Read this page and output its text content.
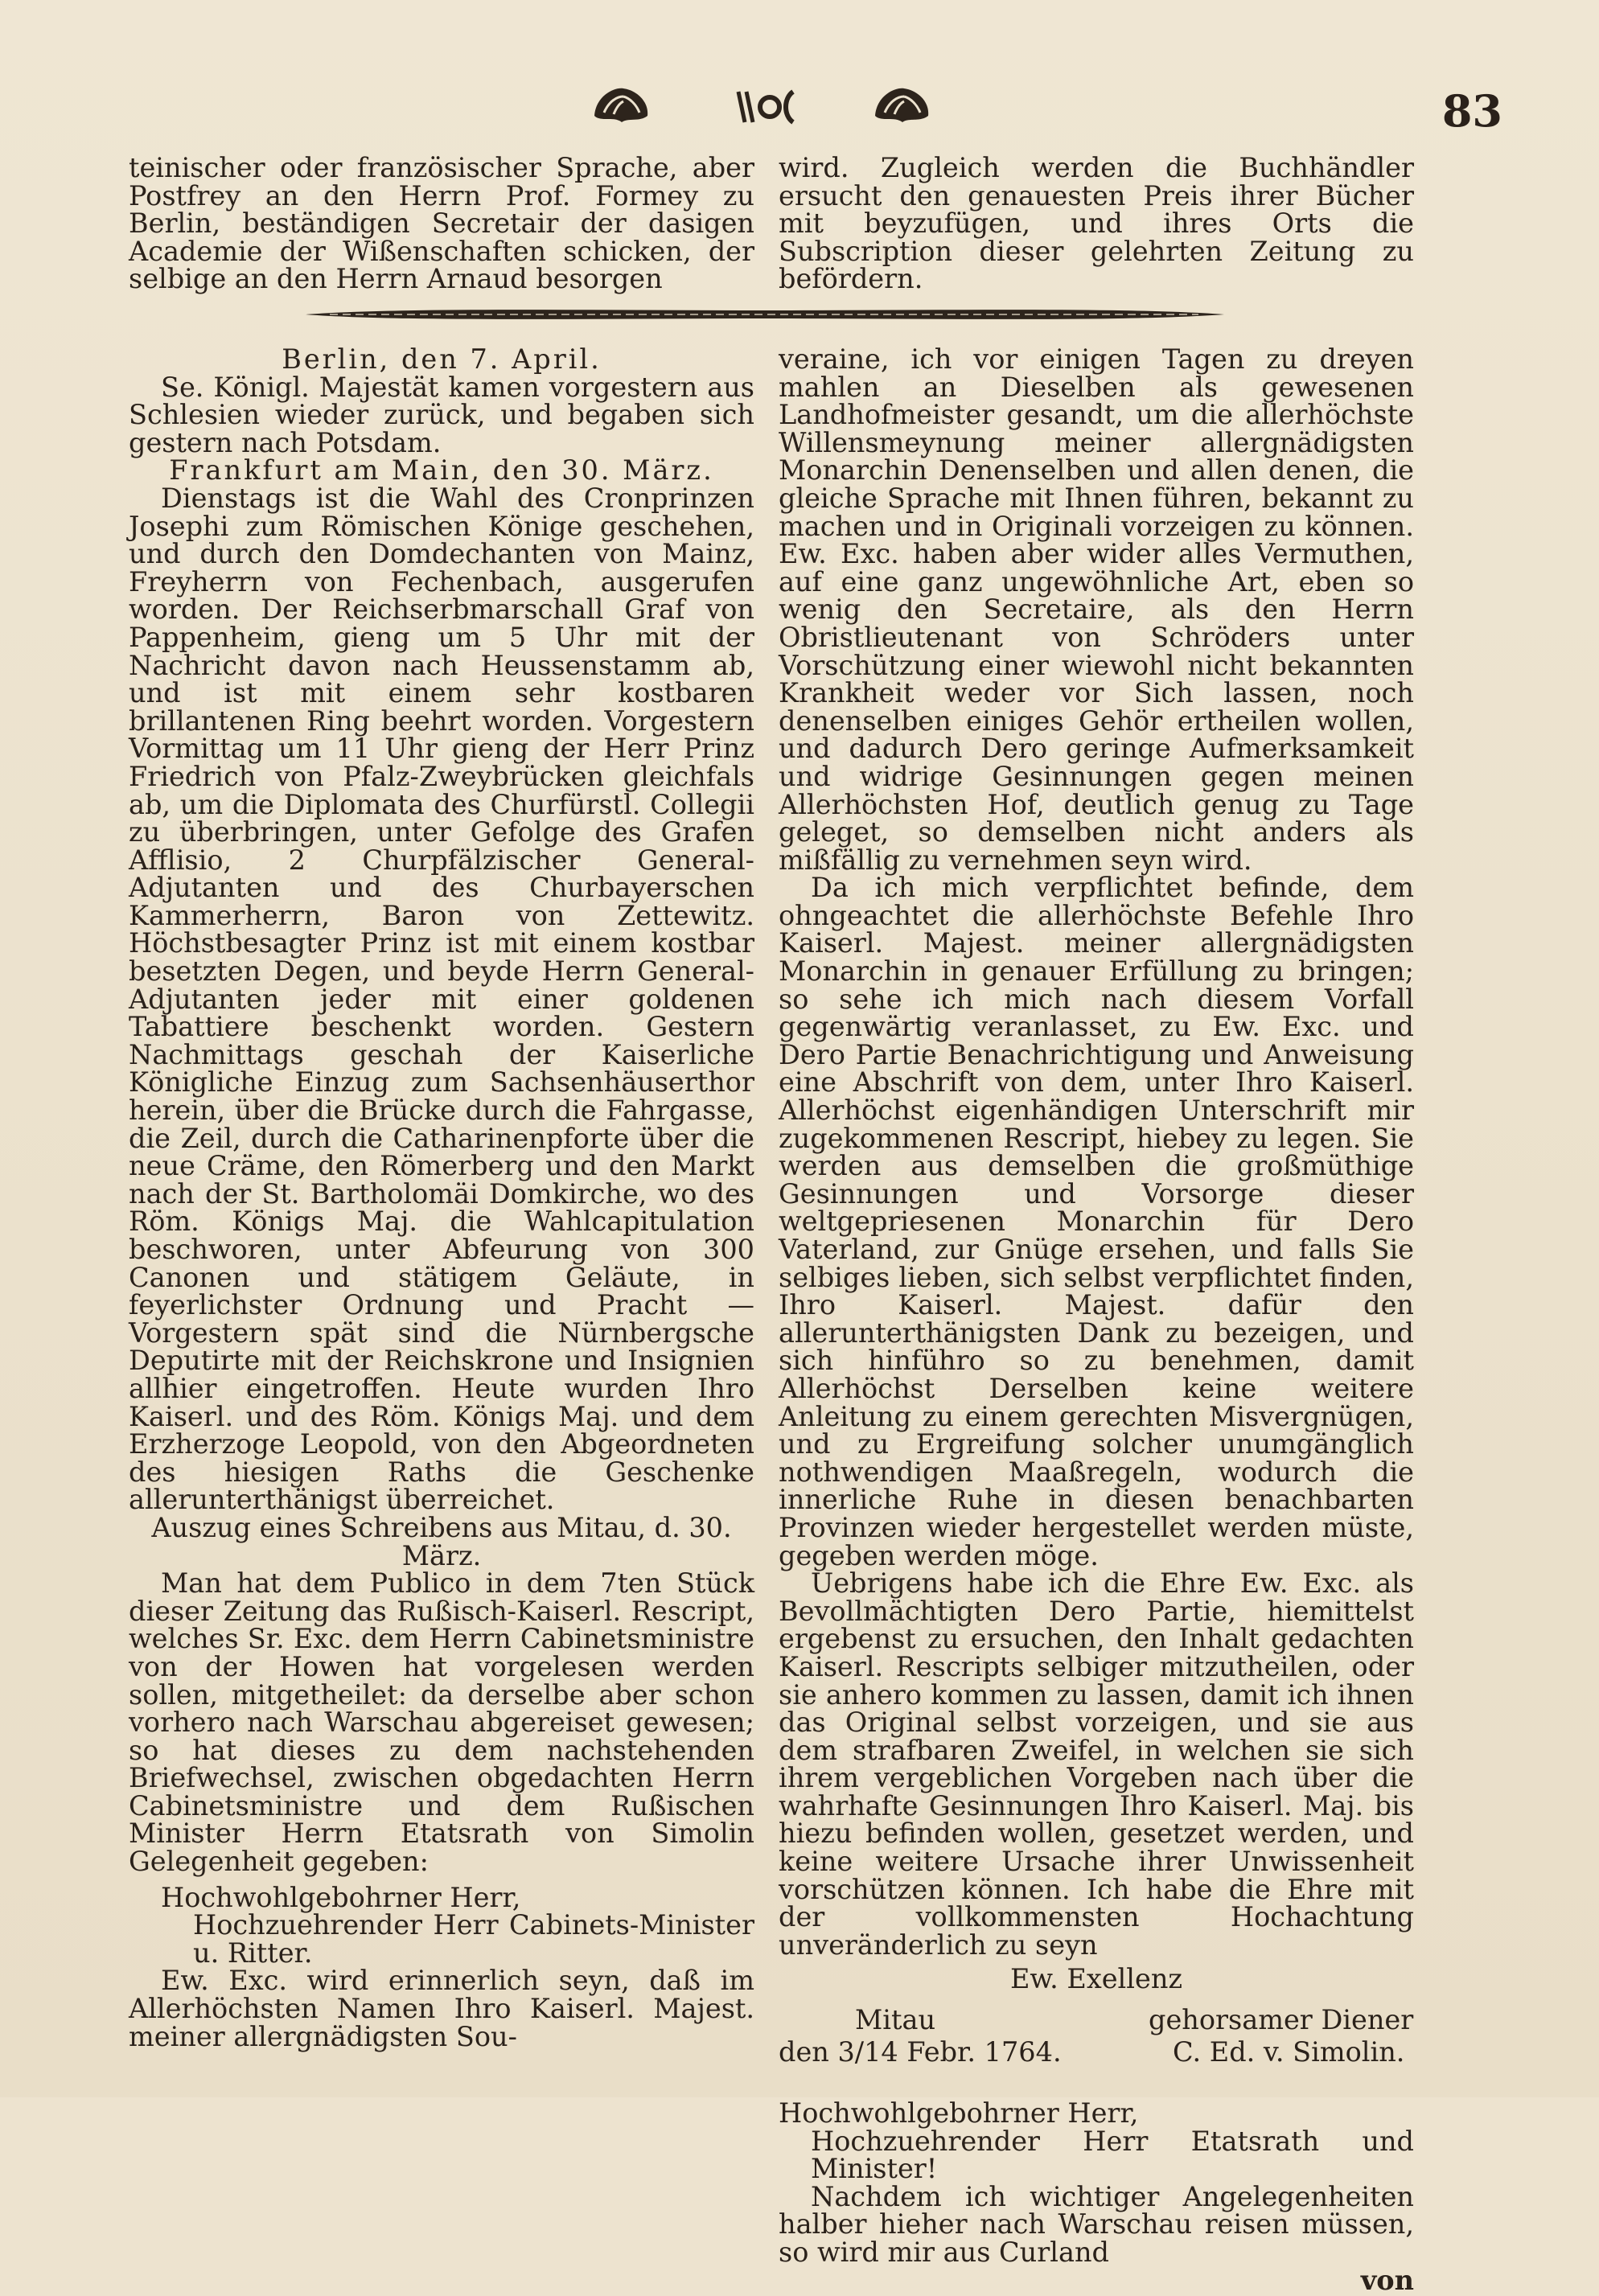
83

teinischer oder französischer Sprache, aber Postfrey an den Herrn Prof. Formey zu Berlin, beständigen Secretair der dasigen Academie der Wißenschaften schicken, der selbige an den Herrn Arnaud besorgen

wird. Zugleich werden die Buchhändler ersucht den genauesten Preis ihrer Bücher mit beyzufügen, und ihres Orts die Subscription dieser gelehrten Zeitung zu befördern.

Berlin, den 7. April.

Se. Königl. Majestät kamen vorgestern aus Schlesien wieder zurück, und begaben sich gestern nach Potsdam.

Frankfurt am Main, den 30. März.

Dienstags ist die Wahl des Cronprinzen Josephi zum Römischen Könige geschehen, und durch den Domdechanten von Mainz, Freyherrn von Fechenbach, ausgerufen worden. Der Reichserbmarschall Graf von Pappenheim, gieng um 5 Uhr mit der Nachricht davon nach Heussenstamm ab, und ist mit einem sehr kostbaren brillantenen Ring beehrt worden. Vorgestern Vormittag um 11 Uhr gieng der Herr Prinz Friedrich von Pfalz-Zweybrücken gleichfals ab, um die Diplomata des Churfürstl. Collegii zu überbringen, unter Gefolge des Grafen Afflisio, 2 Churpfälzischer General-Adjutanten und des Churbayerschen Kammerherrn, Baron von Zettewitz. Höchstbesagter Prinz ist mit einem kostbar besetzten Degen, und beyde Herrn General-Adjutanten jeder mit einer goldenen Tabattiere beschenkt worden. Gestern Nachmittags geschah der Kaiserliche Königliche Einzug zum Sachsenhäuserthor herein, über die Brücke durch die Fahrgasse, die Zeil, durch die Catharinenpforte über die neue Cräme, den Römerberg und den Markt nach der St. Bartholomäi Domkirche, wo des Röm. Königs Maj. die Wahlcapitulation beschworen, unter Abfeurung von 300 Canonen und stätigem Geläute, in feyerlichster Ordnung und Pracht — Vorgestern spät sind die Nürnbergsche Deputirte mit der Reichskrone und Insignien allhier eingetroffen. Heute wurden Ihro Kaiserl. und des Röm. Königs Maj. und dem Erzherzoge Leopold, von den Abgeordneten des hiesigen Raths die Geschenke allerunterthänigst überreichet.

Auszug eines Schreibens aus Mitau, d. 30. März.

Man hat dem Publico in dem 7ten Stück dieser Zeitung das Rußisch-Kaiserl. Rescript, welches Sr. Exc. dem Herrn Cabinetsministre von der Howen hat vorgelesen werden sollen, mitgetheilet: da derselbe aber schon vorhero nach Warschau abgereiset gewesen; so hat dieses zu dem nachstehenden Briefwechsel, zwischen obgedachten Herrn Cabinetsministre und dem Rußischen Minister Herrn Etatsrath von Simolin Gelegenheit gegeben:

Hochwohlgebohrner Herr,

Hochzuehrender Herr Cabinets-Minister u. Ritter.

Ew. Exc. wird erinnerlich seyn, daß im Allerhöchsten Namen Ihro Kaiserl. Majest. meiner allergnädigsten Sou-

veraine, ich vor einigen Tagen zu dreyen mahlen an Dieselben als gewesenen Landhofmeister gesandt, um die allerhöchste Willensmeynung meiner allergnädigsten Monarchin Denenselben und allen denen, die gleiche Sprache mit Ihnen führen, bekannt zu machen und in Originali vorzeigen zu können. Ew. Exc. haben aber wider alles Vermuthen, auf eine ganz ungewöhnliche Art, eben so wenig den Secretaire, als den Herrn Obristlieutenant von Schröders unter Vorschützung einer wiewohl nicht bekannten Krankheit weder vor Sich lassen, noch denenselben einiges Gehör ertheilen wollen, und dadurch Dero geringe Aufmerksamkeit und widrige Gesinnungen gegen meinen Allerhöchsten Hof, deutlich genug zu Tage geleget, so demselben nicht anders als mißfällig zu vernehmen seyn wird.

Da ich mich verpflichtet befinde, dem ohngeachtet die allerhöchste Befehle Ihro Kaiserl. Majest. meiner allergnädigsten Monarchin in genauer Erfüllung zu bringen; so sehe ich mich nach diesem Vorfall gegenwärtig veranlasset, zu Ew. Exc. und Dero Partie Benachrichtigung und Anweisung eine Abschrift von dem, unter Ihro Kaiserl. Allerhöchst eigenhändigen Unterschrift mir zugekommenen Rescript, hiebey zu legen. Sie werden aus demselben die großmüthige Gesinnungen und Vorsorge dieser weltgepriesenen Monarchin für Dero Vaterland, zur Gnüge ersehen, und falls Sie selbiges lieben, sich selbst verpflichtet finden, Ihro Kaiserl. Majest. dafür den allerunterthänigsten Dank zu bezeigen, und sich hinführo so zu benehmen, damit Allerhöchst Derselben keine weitere Anleitung zu einem gerechten Misvergnügen, und zu Ergreifung solcher unumgänglich nothwendigen Maaßregeln, wodurch die innerliche Ruhe in diesen benachbarten Provinzen wieder hergestellet werden müste, gegeben werden möge.

Uebrigens habe ich die Ehre Ew. Exc. als Bevollmächtigten Dero Partie, hiemittelst ergebenst zu ersuchen, den Inhalt gedachten Kaiserl. Rescripts selbiger mitzutheilen, oder sie anhero kommen zu lassen, damit ich ihnen das Original selbst vorzeigen, und sie aus dem strafbaren Zweifel, in welchen sie sich ihrem vergeblichen Vorgeben nach über die wahrhafte Gesinnungen Ihro Kaiserl. Maj. bis hiezu befinden wollen, gesetzet werden, und keine weitere Ursache ihrer Unwissenheit vorschützen können. Ich habe die Ehre mit der vollkommensten Hochachtung unveränderlich zu seyn

Ew. Exellenz

Mitau
den 3/14 Febr. 1764.
gehorsamer Diener
C. Ed. v. Simolin.

Hochwohlgebohrner Herr,

Hochzuehrender Herr Etatsrath und Minister!

Nachdem ich wichtiger Angelegenheiten halber hieher nach Warschau reisen müssen, so wird mir aus Curland

von
